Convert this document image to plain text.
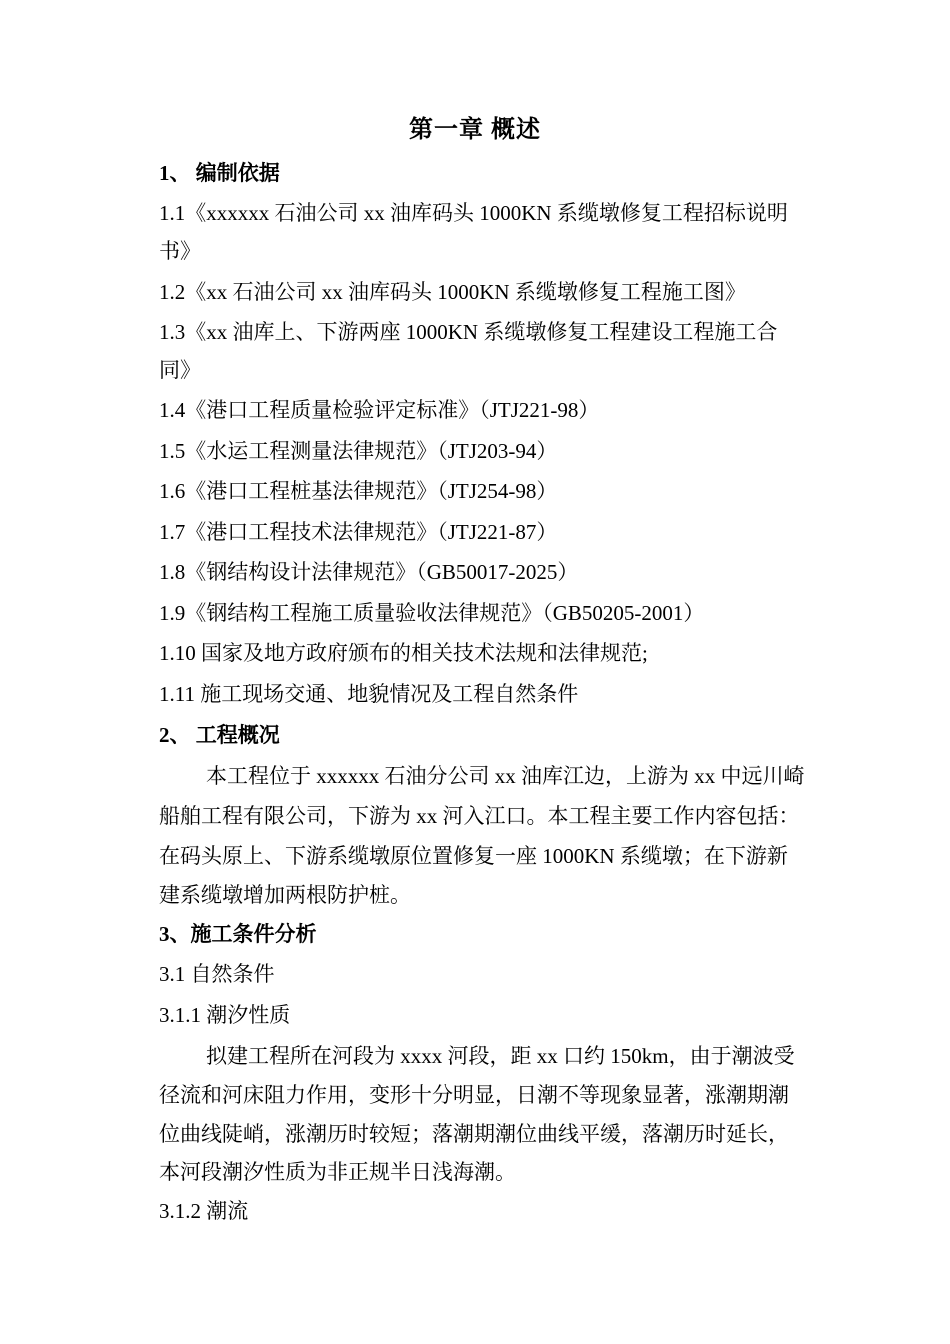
第一章 概述

1、 编制依据

1.1《xxxxxx 石油公司 xx 油库码头 1000KN 系缆墩修复工程招标说明

书》

1.2《xx 石油公司 xx 油库码头 1000KN 系缆墩修复工程施工图》

1.3《xx 油库上、下游两座 1000KN 系缆墩修复工程建设工程施工合

同》

1.4《港口工程质量检验评定标准》（JTJ221-98）

1.5《水运工程测量法律规范》（JTJ203-94）

1.6《港口工程桩基法律规范》（JTJ254-98）

1.7《港口工程技术法律规范》（JTJ221-87）

1.8《钢结构设计法律规范》（GB50017-2025）

1.9《钢结构工程施工质量验收法律规范》（GB50205-2001）

1.10 国家及地方政府颁布的相关技术法规和法律规范;

1.11 施工现场交通、地貌情况及工程自然条件

2、 工程概况

本工程位于 xxxxxx 石油分公司 xx 油库江边，上游为 xx 中远川崎

船舶工程有限公司，下游为 xx 河入江口。本工程主要工作内容包括：

在码头原上、下游系缆墩原位置修复一座 1000KN 系缆墩；在下游新

建系缆墩增加两根防护桩。

3、施工条件分析

3.1 自然条件

3.1.1 潮汐性质

拟建工程所在河段为 xxxx 河段，距 xx 口约 150km，由于潮波受

径流和河床阻力作用，变形十分明显，日潮不等现象显著，涨潮期潮

位曲线陡峭，涨潮历时较短；落潮期潮位曲线平缓，落潮历时延长，

本河段潮汐性质为非正规半日浅海潮。

3.1.2 潮流
